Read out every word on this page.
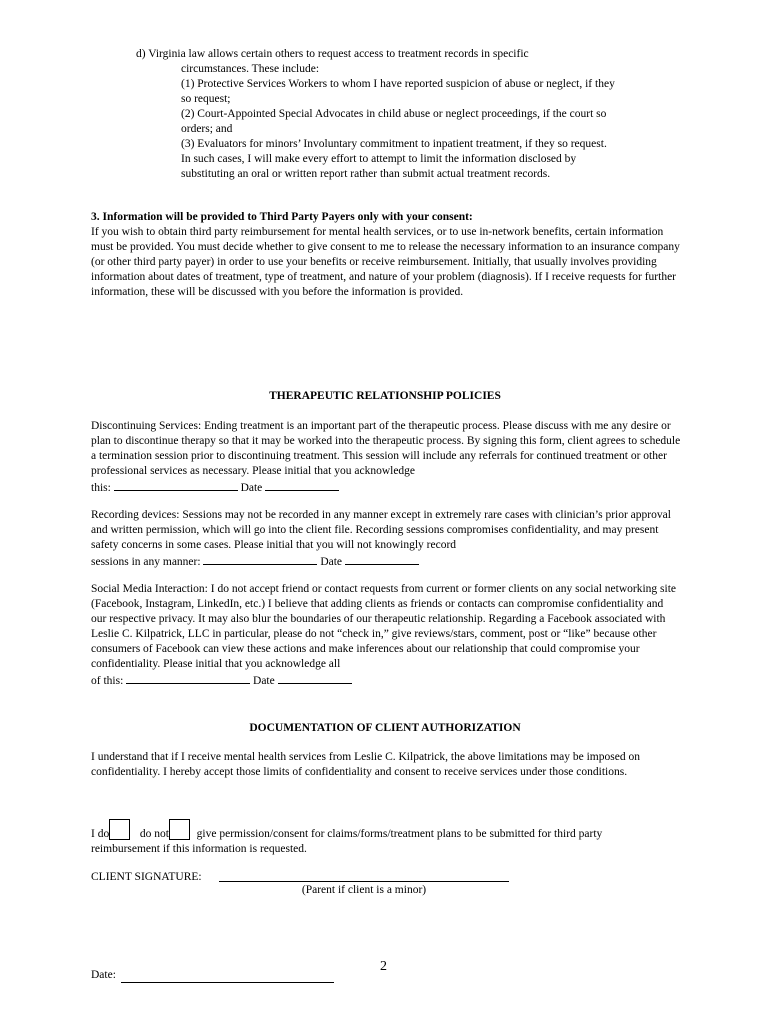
d) Virginia law allows certain others to request access to treatment records in specific

circumstances. These include:

(1) Protective Services Workers to whom I have reported suspicion of abuse or neglect, if they so request;

(2) Court-Appointed Special Advocates in child abuse or neglect proceedings, if the court so orders; and

(3) Evaluators for minors’ Involuntary commitment to inpatient treatment, if they so request. In such cases, I will make every effort to attempt to limit the information disclosed by substituting an oral or written report rather than submit actual treatment records.

3. Information will be provided to Third Party Payers only with your consent:

If you wish to obtain third party reimbursement for mental health services, or to use in-network benefits, certain information must be provided. You must decide whether to give consent to me to release the necessary information to an insurance company (or other third party payer) in order to use your benefits or receive reimbursement. Initially, that usually involves providing information about dates of treatment, type of treatment, and nature of your problem (diagnosis). If I receive requests for further information, these will be discussed with you before the information is provided.

THERAPEUTIC RELATIONSHIP POLICIES
Discontinuing Services: Ending treatment is an important part of the therapeutic process. Please discuss with me any desire or plan to discontinue therapy so that it may be worked into the therapeutic process. By signing this form, client agrees to schedule a termination session prior to discontinuing treatment. This session will include any referrals for continued treatment or other professional services as necessary. Please initial that you acknowledge
this:	Date
Recording devices: Sessions may not be recorded in any manner except in extremely rare cases with clinician’s prior approval and written permission, which will go into the client file. Recording sessions compromises confidentiality, and may present safety concerns in some cases. Please initial that you will not knowingly record
sessions in any manner:	Date
Social Media Interaction: I do not accept friend or contact requests from current or former clients on any social networking site (Facebook, Instagram, LinkedIn, etc.) I believe that adding clients as friends or contacts can compromise confidentiality and our respective privacy. It may also blur the boundaries of our therapeutic relationship. Regarding a Facebook associated with Leslie C. Kilpatrick, LLC in particular, please do not “check in,” give reviews/stars, comment, post or “like” because other consumers of Facebook can view these actions and make inferences about our relationship that could compromise your confidentiality. Please initial that you acknowledge all
of this:	Date
DOCUMENTATION OF CLIENT AUTHORIZATION
I understand that if I receive mental health services from Leslie C. Kilpatrick, the above limitations may be imposed on confidentiality. I hereby accept those limits of confidentiality and consent to receive services under those conditions.
I do	do not give permission/consent for claims/forms/treatment plans to be submitted for third party
reimbursement if this information is requested.
CLIENT SIGNATURE:
(Parent if client is a minor)
Date:
2
